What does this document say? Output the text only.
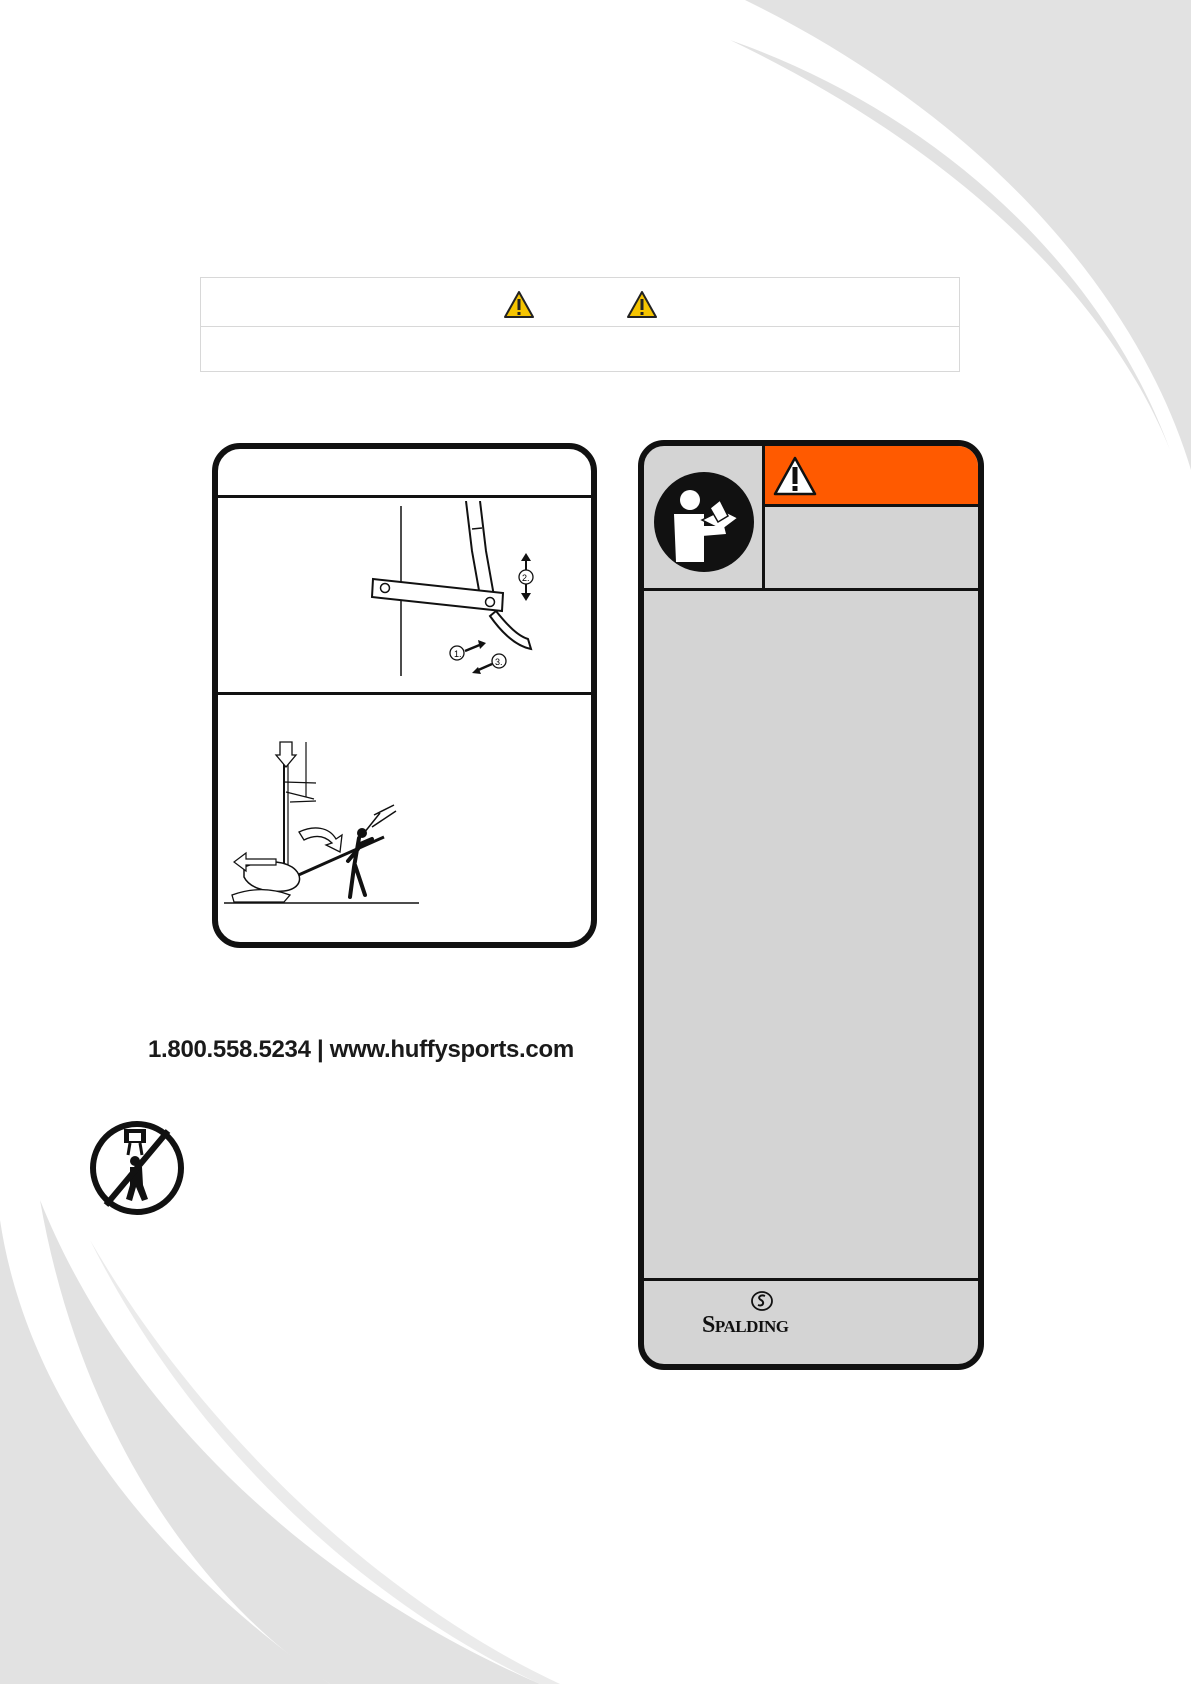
2.
1.
3.
1.800.558.5234 | www.huffysports.com
Spalding
